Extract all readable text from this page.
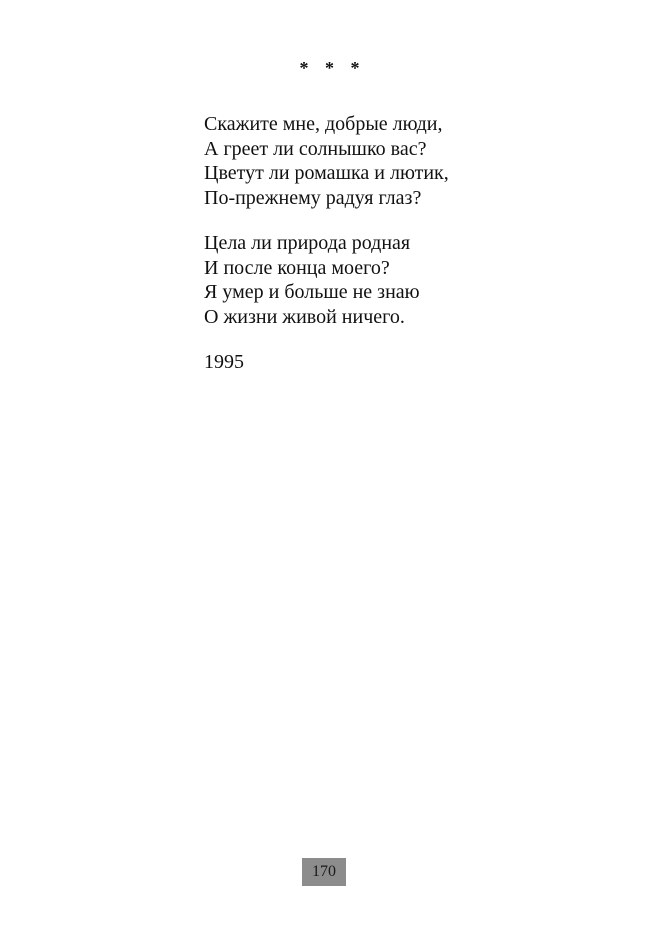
* * *
Скажите мне, добрые люди,
А греет ли солнышко вас?
Цветут ли ромашка и лютик,
По-прежнему радуя глаз?
Цела ли природа родная
И после конца моего?
Я умер и больше не знаю
О жизни живой ничего.
1995
170
